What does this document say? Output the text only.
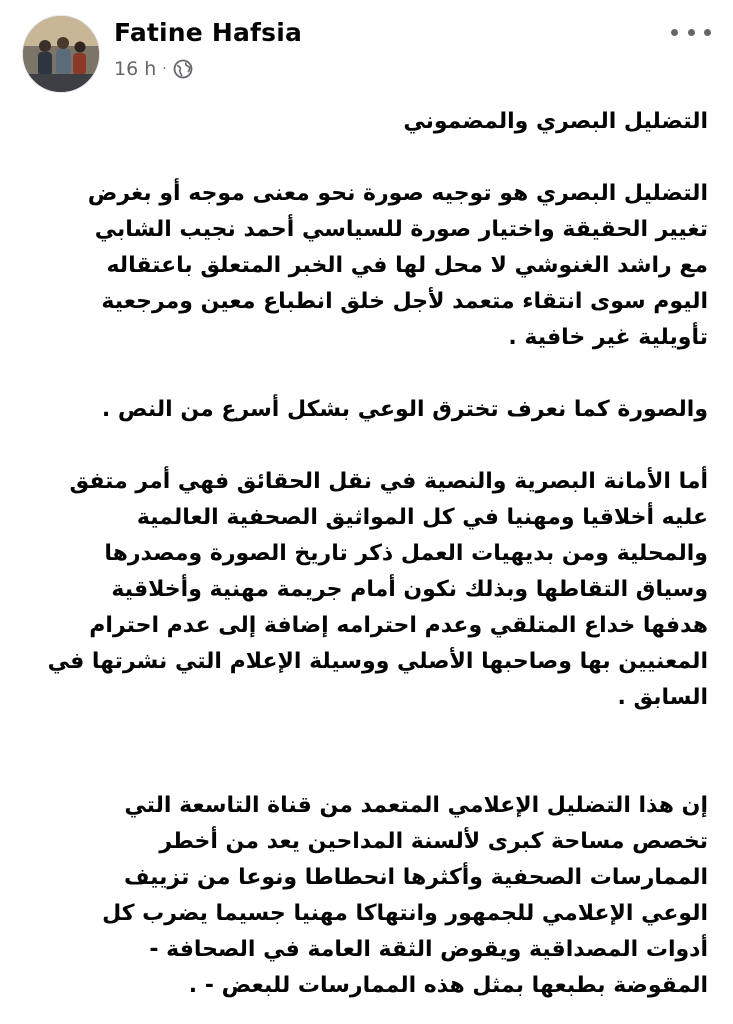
Fatine Hafsia
16 h ·

التضليل البصري والمضموني

التضليل البصري هو توجيه صورة نحو معنى موجه أو بغرض
تغيير الحقيقة واختيار صورة للسياسي أحمد نجيب الشابي
مع راشد الغنوشي لا محل لها في الخبر المتعلق باعتقاله
اليوم سوى انتقاء متعمد لأجل خلق انطباع معين ومرجعية
تأويلية غير خافية .

والصورة كما نعرف تخترق الوعي بشكل أسرع من النص .

أما الأمانة البصرية والنصية في نقل الحقائق فهي أمر متفق
عليه أخلاقيا ومهنيا في كل المواثيق الصحفية العالمية
والمحلية ومن بديهيات العمل ذكر تاريخ الصورة ومصدرها
وسياق التقاطها وبذلك نكون أمام جريمة مهنية وأخلاقية
هدفها خداع المتلقي وعدم احترامه إضافة إلى عدم احترام
المعنيين بها وصاحبها الأصلي ووسيلة الإعلام التي نشرتها في
السابق .

إن هذا التضليل الإعلامي المتعمد من قناة التاسعة التي
تخصص مساحة كبرى لألسنة المداحين يعد من أخطر
الممارسات الصحفية وأكثرها انحطاطا ونوعا من تزييف
الوعي الإعلامي للجمهور وانتهاكا مهنيا جسيما يضرب كل
أدوات المصداقية ويقوض الثقة العامة في الصحافة -
المقوضة بطبعها بمثل هذه الممارسات للبعض - .
